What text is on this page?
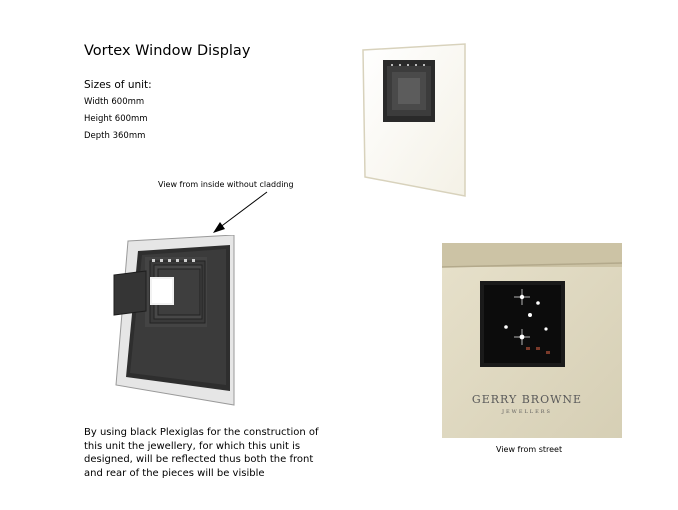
Vortex Window Display
Sizes of unit:
Width 600mm
Height 600mm
Depth 360mm
View from inside without cladding
GERRY BROWNE
JEWELLERS
View from street
By using black Plexiglas for the construction of this unit the jewellery, for which this unit is designed, will be reflected thus both the front and rear of the pieces will be visible
